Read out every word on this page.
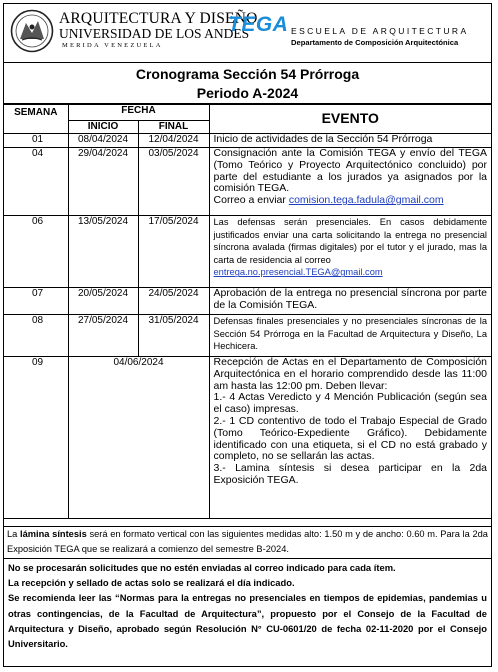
ARQUITECTURA Y DISEÑO
UNIVERSIDAD DE LOS ANDES
MERIDA VENEZUELA
TEGA ESCUELA DE ARQUITECTURA
Departamento de Composición Arquitectónica
Cronograma Sección 54 Prórroga
Periodo A-2024
SEMANA	FECHA		EVENTO
	INICIO	FINAL	
01	08/04/2024	12/04/2024	Inicio de actividades de la Sección 54 Prórroga
04	29/04/2024	03/05/2024	Consignación ante la Comisión TEGA y envío del TEGA (Tomo Teórico y Proyecto Arquitectónico concluido) por parte del estudiante a los jurados ya asignados por la comisión TEGA.
Correo a enviar comision.tega.fadula@gmail.com

06	13/05/2024	17/05/2024	Las defensas serán presenciales. En casos debidamente justificados enviar una carta solicitando la entrega no presencial síncrona avalada (firmas digitales) por el tutor y el jurado, mas la carta de residencia al correo
entrega.no.presencial.TEGA@gmail.com

07	20/05/2024	24/05/2024	Aprobación de la entrega no presencial síncrona por parte de la Comisión TEGA.
08	27/05/2024	31/05/2024	Defensas finales presenciales y no presenciales síncronas de la Sección 54 Prórroga en la Facultad de Arquitectura y Diseño, La Hechicera.
09	04/06/2024		Recepción de Actas en el Departamento de Composición Arquitectónica en el horario comprendido desde las 11:00 am hasta las 12:00 pm. Deben llevar:
1.- 4 Actas Veredicto y 4 Mención Publicación (según sea el caso) impresas.
2.- 1 CD contentivo de todo el Trabajo Especial de Grado (Tomo Teórico-Expediente Gráfico). Debidamente identificado con una etiqueta, si el CD no está grabado y completo, no se sellarán las actas.
3.- Lamina síntesis si desea participar en la 2da Exposición TEGA.
La lámina síntesis será en formato vertical con las siguientes medidas alto: 1.50 m y de ancho: 0.60 m. Para la 2da Exposición TEGA que se realizará a comienzo del semestre B-2024.

No se procesarán solicitudes que no estén enviadas al correo indicado para cada ítem.

La recepción y sellado de actas solo se realizará el día indicado.

Se recomienda leer las “Normas para la entregas no presenciales en tiempos de epidemias, pandemias u otras contingencias, de la Facultad de Arquitectura”, propuesto por el Consejo de la Facultad de Arquitectura y Diseño, aprobado según Resolución N° CU-0601/20 de fecha 02-11-2020 por el Consejo Universitario.
